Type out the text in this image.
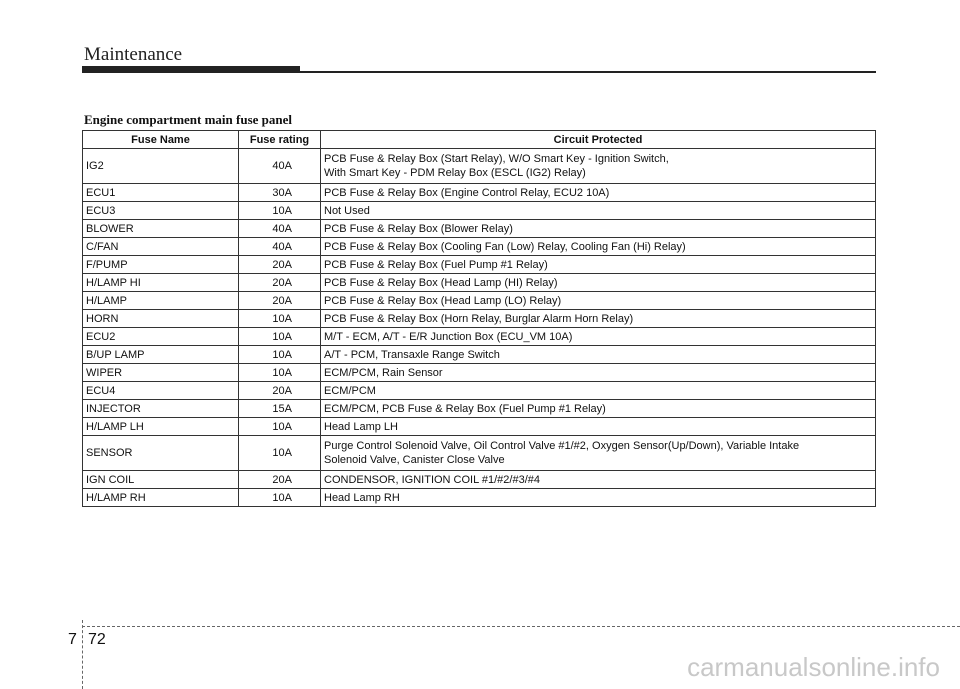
Maintenance
Engine compartment main fuse panel
Fuse Name	Fuse rating	Circuit Protected
IG2	40A	PCB Fuse & Relay Box (Start Relay), W/O Smart Key - Ignition Switch,
With Smart Key - PDM Relay Box (ESCL (IG2) Relay)

ECU1	30A	PCB Fuse & Relay Box (Engine Control Relay, ECU2 10A)

ECU3	10A	Not Used

BLOWER	40A	PCB Fuse & Relay Box (Blower Relay)

C/FAN	40A	PCB Fuse & Relay Box (Cooling Fan (Low) Relay, Cooling Fan (Hi) Relay)

F/PUMP	20A	PCB Fuse & Relay Box (Fuel Pump #1 Relay)

H/LAMP HI	20A	PCB Fuse & Relay Box (Head Lamp (HI) Relay)

H/LAMP	20A	PCB Fuse & Relay Box (Head Lamp (LO) Relay)

HORN	10A	PCB Fuse & Relay Box (Horn Relay, Burglar Alarm Horn Relay)

ECU2	10A	M/T - ECM, A/T - E/R Junction Box (ECU_VM 10A)

B/UP LAMP	10A	A/T - PCM, Transaxle Range Switch

WIPER	10A	ECM/PCM, Rain Sensor

ECU4	20A	ECM/PCM

INJECTOR	15A	ECM/PCM, PCB Fuse & Relay Box (Fuel Pump #1 Relay)

H/LAMP LH	10A	Head Lamp LH

SENSOR	10A	Purge Control Solenoid Valve, Oil Control Valve #1/#2, Oxygen Sensor(Up/Down), Variable Intake
Solenoid Valve, Canister Close Valve

IGN COIL	20A	CONDENSOR, IGNITION COIL #1/#2/#3/#4

H/LAMP RH	10A	Head Lamp RH
7 72
carmanualsonline.info
